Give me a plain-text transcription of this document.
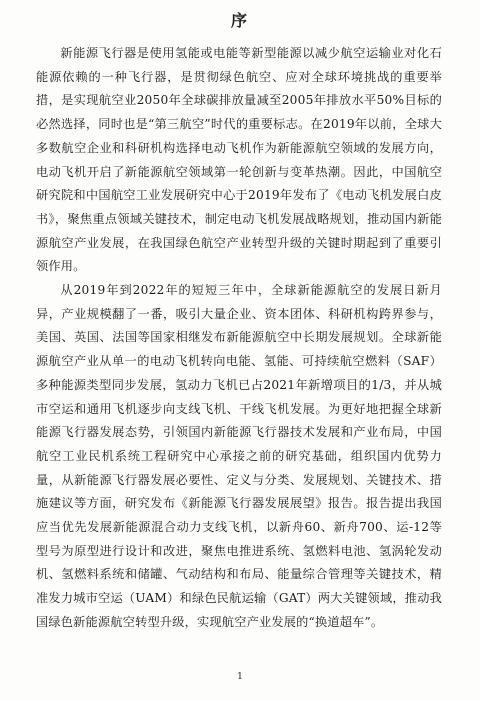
序

新能源飞行器是使用氢能或电能等新型能源以减少航空运输业对化石能源依赖的一种飞行器，是贯彻绿色航空、应对全球环境挑战的重要举措，是实现航空业2050年全球碳排放量减至2005年排放水平50%目标的必然选择，同时也是“第三航空”时代的重要标志。在2019年以前，全球大多数航空企业和科研机构选择电动飞机作为新能源航空领域的发展方向，电动飞机开启了新能源航空领域第一轮创新与变革热潮。因此，中国航空研究院和中国航空工业发展研究中心于2019年发布了《电动飞机发展白皮书》，聚焦重点领域关键技术，制定电动飞机发展战略规划，推动国内新能源航空产业发展，在我国绿色航空产业转型升级的关键时期起到了重要引领作用。

从2019年到2022年的短短三年中，全球新能源航空的发展日新月异，产业规模翻了一番，吸引大量企业、资本团体、科研机构跨界参与，美国、英国、法国等国家相继发布新能源航空中长期发展规划。全球新能源航空产业从单一的电动飞机转向电能、氢能、可持续航空燃料（SAF）多种能源类型同步发展，氢动力飞机已占2021年新增项目的1/3，并从城市空运和通用飞机逐步向支线飞机、干线飞机发展。为更好地把握全球新能源飞行器发展态势，引领国内新能源飞行器技术发展和产业布局，中国航空工业民机系统工程研究中心承接之前的研究基础，组织国内优势力量，从新能源飞行器发展必要性、定义与分类、发展规划、关键技术、措施建议等方面，研究发布《新能源飞行器发展展望》报告。报告提出我国应当优先发展新能源混合动力支线飞机，以新舟60、新舟700、运-12等型号为原型进行设计和改进，聚焦电推进系统、氢燃料电池、氢涡轮发动机、氢燃料系统和储罐、气动结构和布局、能量综合管理等关键技术，精准发力城市空运（UAM）和绿色民航运输（GAT）两大关键领域，推动我国绿色新能源航空转型升级，实现航空产业发展的“换道超车”。

1
